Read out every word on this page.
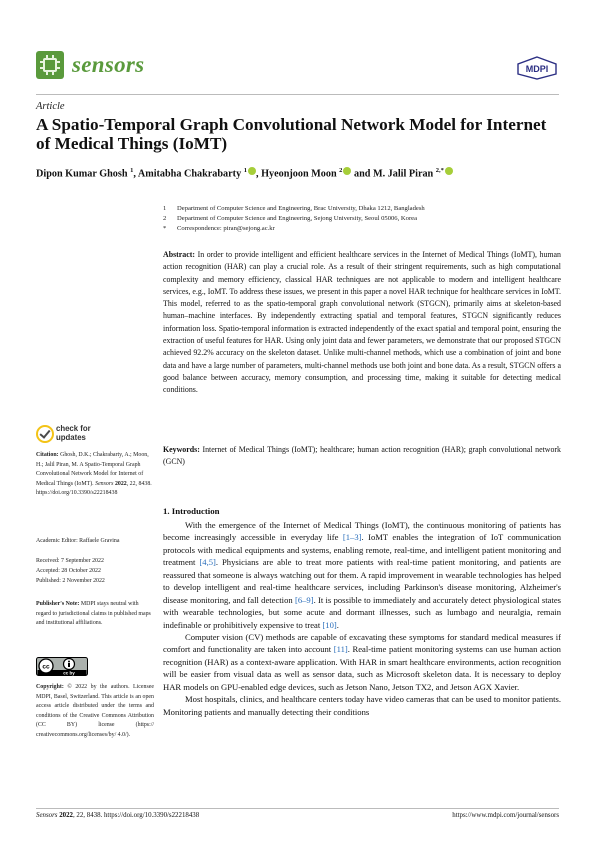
sensors	MDPI
Article
A Spatio-Temporal Graph Convolutional Network Model for Internet of Medical Things (IoMT)
Dipon Kumar Ghosh $^1$, Amitabha Chakrabarty $^1$ , Hyeonjoon Moon $^2$ and M. Jalil Piran $^{2,*}$
1 Department of Computer Science and Engineering, Brac University, Dhaka 1212, Bangladesh
2 Department of Computer Science and Engineering, Sejong University, Seoul 05006, Korea
* Correspondence: piran@sejong.ac.kr
Abstract: In order to provide intelligent and efficient healthcare services in the Internet of Medical Things (IoMT), human action recognition (HAR) can play a crucial role. As a result of their stringent requirements, such as high computational complexity and memory efficiency, classical HAR techniques are not applicable to modern and intelligent healthcare services, e.g., IoMT. To address these issues, we present in this paper a novel HAR technique for healthcare services in IoMT. This model, referred to as the spatio-temporal graph convolutional network (STGCN), primarily aims at skeleton-based human–machine interfaces. By independently extracting spatial and temporal features, STGCN significantly reduces information loss. Spatio-temporal information is extracted independently of the exact spatial and temporal point, ensuring the extraction of useful features for HAR. Using only joint data and fewer parameters, we demonstrate that our proposed STGCN achieved 92.2% accuracy on the skeleton dataset. Unlike multi-channel methods, which use a combination of joint and bone data and have a large number of parameters, multi-channel methods use both joint and bone data. As a result, STGCN offers a good balance between accuracy, memory consumption, and processing time, making it suitable for detecting medical conditions.
Keywords: Internet of Medical Things (IoMT); healthcare; human action recognition (HAR); graph convolutional network (GCN)
check for
updates
Citation: Ghosh, D.K.; Chakrabarty, A.; Moon, H.; Jalil Piran, M. A Spatio-Temporal Graph Convolutional Network Model for Internet of Medical Things (IoMT). Sensors 2022, 22, 8438. https://doi.org/10.3390/s22218438
Academic Editor: Raffaele Gravina
Received: 7 September 2022
Accepted: 28 October 2022
Published: 2 November 2022
Publisher's Note: MDPI stays neutral with regard to jurisdictional claims in published maps and institutional affiliations.
cc
cc by
Copyright: © 2022 by the authors. Licensee MDPI, Basel, Switzerland. This article is an open access article distributed under the terms and conditions of the Creative Commons Attribution (CC BY) license (https:// creativecommons.org/licenses/by/ 4.0/).
1. Introduction

With the emergence of the Internet of Medical Things (IoMT), the continuous monitoring of patients has become increasingly accessible in everyday life [1–3]. IoMT enables the integration of IoT communication protocols with medical equipments and systems, enabling remote, real-time, and intelligent patient monitoring and treatment [4,5]. Physicians are able to treat more patients with real-time patient monitoring, and patients are reassured that someone is always watching out for them. A rapid improvement in wearable technologies has helped to develop intelligent and real-time healthcare services, including Parkinson's disease monitoring, Alzheimer's disease monitoring, and fall detection [6–9]. It is possible to immediately and accurately detect physiological states with wearable technologies, but some acute and dormant illnesses, such as lumbago and neuralgia, remain indefinable or prohibitively expensive to treat [10].

Computer vision (CV) methods are capable of excavating these symptoms for standard medical measures if comfort and functionality are taken into account [11]. Real-time patient monitoring systems can use human action recognition (HAR) as a context-aware application. With HAR in smart healthcare environments, action recognition will be easier from visual data as well as sensor data, such as Microsoft skeleton data. It is necessary to deploy HAR models on GPU-enabled edge devices, such as Jetson Nano, Jetson TX2, and Jetson AGX Xavier.

Most hospitals, clinics, and healthcare centers today have video cameras that can be used to monitor patients. Monitoring patients and manually detecting their conditions

Sensors 2022, 22, 8438. https://doi.org/10.3390/s22218438	https://www.mdpi.com/journal/sensors
